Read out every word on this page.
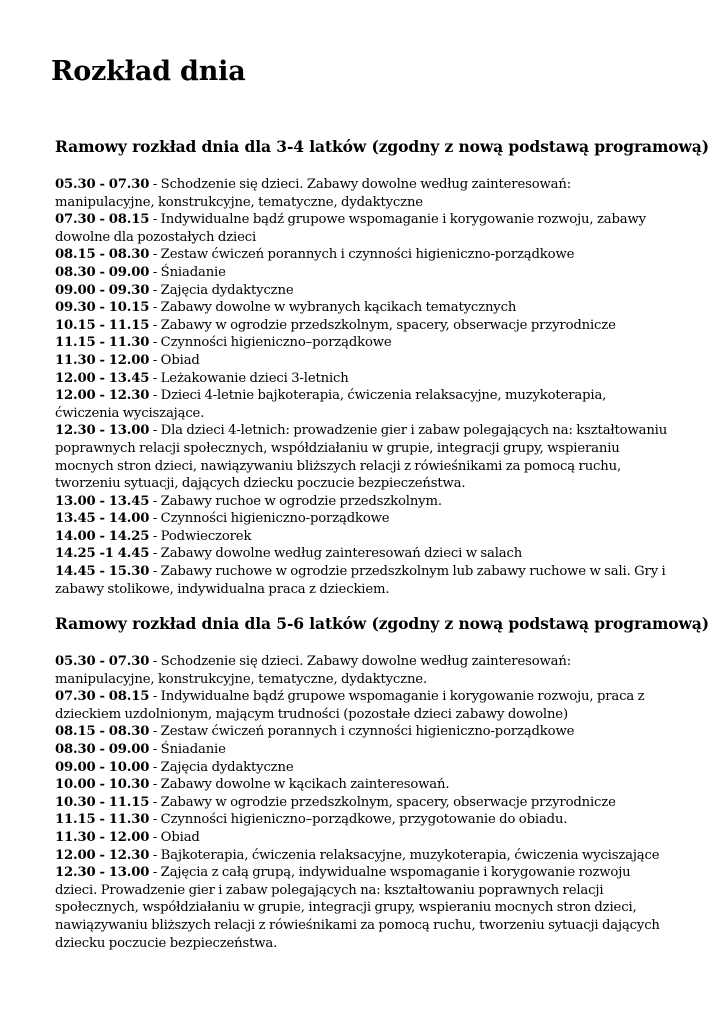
Rozkład dnia
Ramowy rozkład dnia dla 3-4 latków (zgodny z nową podstawą programową)
05.30 - 07.30 - Schodzenie się dzieci. Zabawy dowolne według zainteresowań: manipulacyjne, konstrukcyjne, tematyczne, dydaktyczne
07.30 - 08.15 - Indywidualne bądź grupowe wspomaganie i korygowanie rozwoju, zabawy dowolne dla pozostałych dzieci
08.15 - 08.30 - Zestaw ćwiczeń porannych i czynności higieniczno-porządkowe
08.30 - 09.00 - Śniadanie
09.00 - 09.30 - Zajęcia dydaktyczne
09.30 - 10.15 - Zabawy dowolne w wybranych kącikach tematycznych
10.15 - 11.15 - Zabawy w ogrodzie przedszkolnym, spacery, obserwacje przyrodnicze
11.15 - 11.30 - Czynności higieniczno–porządkowe
11.30 - 12.00 - Obiad
12.00 - 13.45 - Leżakowanie dzieci 3-letnich
12.00 - 12.30 - Dzieci 4-letnie bajkoterapia, ćwiczenia relaksacyjne, muzykoterapia, ćwiczenia wyciszające.
12.30 - 13.00 - Dla dzieci 4-letnich: prowadzenie gier i zabaw polegających na: kształtowaniu poprawnych relacji społecznych, współdziałaniu w grupie, integracji grupy, wspieraniu mocnych stron dzieci, nawiązywaniu bliższych relacji z rówieśnikami za pomocą ruchu, tworzeniu sytuacji, dających dziecku poczucie bezpieczeństwa.
13.00 - 13.45 - Zabawy ruchoe w ogrodzie przedszkolnym.
13.45 - 14.00 - Czynności higieniczno-porządkowe
14.00 - 14.25 - Podwieczorek
14.25 -1 4.45 - Zabawy dowolne według zainteresowań dzieci w salach
14.45 - 15.30 - Zabawy ruchowe w ogrodzie przedszkolnym lub zabawy ruchowe w sali. Gry i zabawy stolikowe, indywidualna praca z dzieckiem.
Ramowy rozkład dnia dla 5-6 latków (zgodny z nową podstawą programową)
05.30 - 07.30 - Schodzenie się dzieci. Zabawy dowolne według zainteresowań: manipulacyjne, konstrukcyjne, tematyczne, dydaktyczne.
07.30 - 08.15 - Indywidualne bądź grupowe wspomaganie i korygowanie rozwoju, praca z dzieckiem uzdolnionym, mającym trudności (pozostałe dzieci zabawy dowolne)
08.15 - 08.30 - Zestaw ćwiczeń porannych i czynności higieniczno-porządkowe
08.30 - 09.00 - Śniadanie
09.00 - 10.00 - Zajęcia dydaktyczne
10.00 - 10.30 - Zabawy dowolne w kącikach zainteresowań.
10.30 - 11.15 - Zabawy w ogrodzie przedszkolnym, spacery, obserwacje przyrodnicze
11.15 - 11.30 - Czynności higieniczno–porządkowe, przygotowanie do obiadu.
11.30 - 12.00 - Obiad
12.00 - 12.30 - Bajkoterapia, ćwiczenia relaksacyjne, muzykoterapia, ćwiczenia wyciszające
12.30 - 13.00 - Zajęcia z całą grupą, indywidualne wspomaganie i korygowanie rozwoju dzieci. Prowadzenie gier i zabaw polegających na: kształtowaniu poprawnych relacji społecznych, współdziałaniu w grupie, integracji grupy, wspieraniu mocnych stron dzieci, nawiązywaniu bliższych relacji z rówieśnikami za pomocą ruchu, tworzeniu sytuacji dających dziecku poczucie bezpieczeństwa.
